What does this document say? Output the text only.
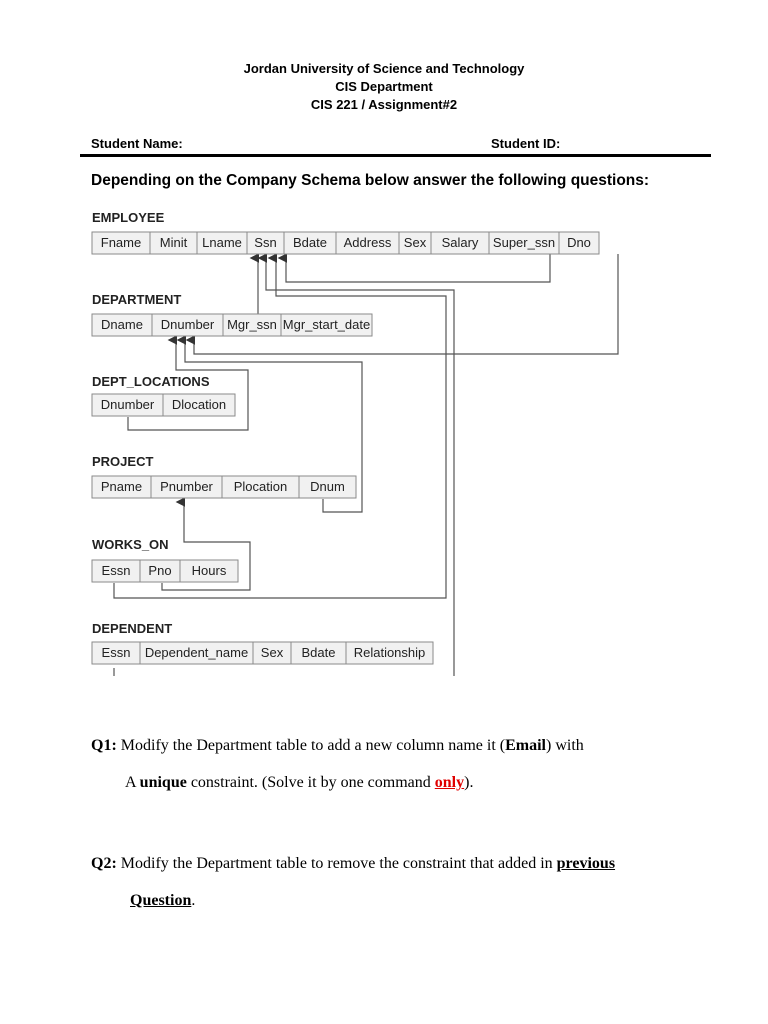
Jordan University of Science and Technology
CIS Department
CIS 221 / Assignment#2
Student Name:	Student ID:
Depending on the Company Schema below answer the following questions:
EMPLOYEE
Fname Minit Lname Ssn Bdate Address Sex Salary Super_ssn Dno
DEPARTMENT
Dname Dnumber Mgr_ssn Mgr_start_date
DEPT_LOCATIONS
Dnumber Dlocation
PROJECT
Pname Pnumber Plocation Dnum
WORKS_ON
Essn Pno Hours
DEPENDENT
Essn Dependent_name Sex Bdate Relationship
Q1: Modify the Department table to add a new column name it (Email) with
A unique constraint. (Solve it by one command only).
Q2: Modify the Department table to remove the constraint that added in previous
Question.
